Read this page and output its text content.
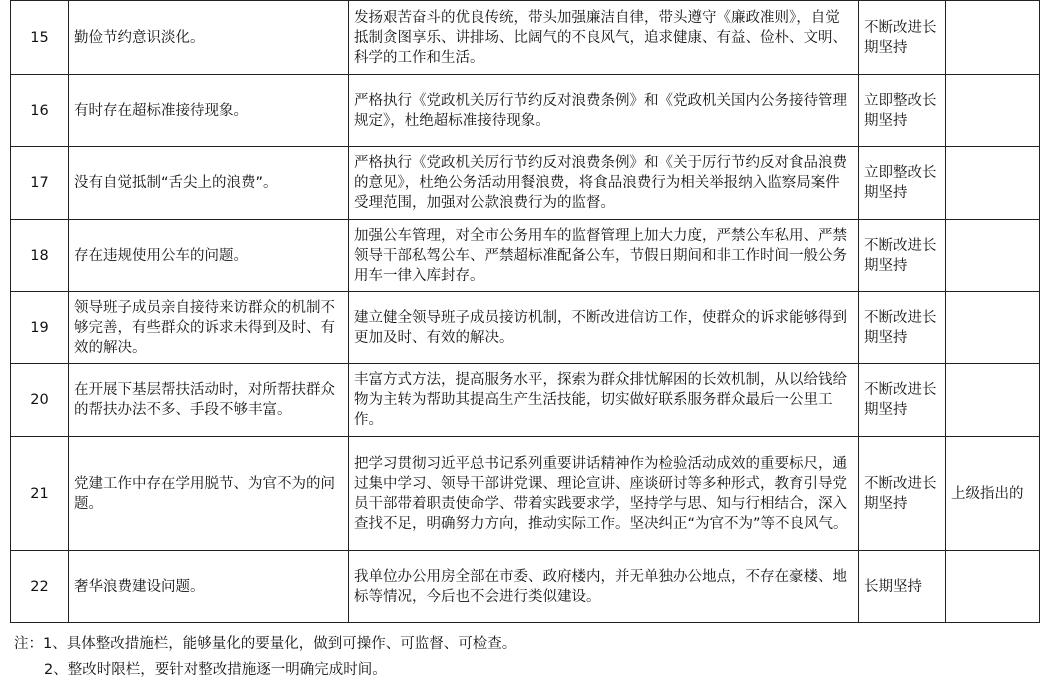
15	勤俭节约意识淡化。	发扬艰苦奋斗的优良传统，带头加强廉洁自律，带头遵守《廉政准则》，自觉抵制贪图享乐、讲排场、比阔气的不良风气，追求健康、有益、俭朴、文明、科学的工作和生活。	不断改进长期坚持	
16	有时存在超标准接待现象。	严格执行《党政机关厉行节约反对浪费条例》和《党政机关国内公务接待管理规定》，杜绝超标准接待现象。	立即整改长期坚持	
17	没有自觉抵制“舌尖上的浪费”。	严格执行《党政机关厉行节约反对浪费条例》和《关于厉行节约反对食品浪费的意见》，杜绝公务活动用餐浪费，将食品浪费行为相关举报纳入监察局案件受理范围，加强对公款浪费行为的监督。	立即整改长期坚持	
18	存在违规使用公车的问题。	加强公车管理，对全市公务用车的监督管理上加大力度，严禁公车私用、严禁领导干部私驾公车、严禁超标准配备公车，节假日期间和非工作时间一般公务用车一律入库封存。	不断改进长期坚持	
19	领导班子成员亲自接待来访群众的机制不够完善，有些群众的诉求未得到及时、有效的解决。	建立健全领导班子成员接访机制，不断改进信访工作，使群众的诉求能够得到更加及时、有效的解决。	不断改进长期坚持	
20	在开展下基层帮扶活动时，对所帮扶群众的帮扶办法不多、手段不够丰富。	丰富方式方法，提高服务水平，探索为群众排忧解困的长效机制，从以给钱给物为主转为帮助其提高生产生活技能，切实做好联系服务群众最后一公里工作。	不断改进长期坚持	
21	党建工作中存在学用脱节、为官不为的问题。	把学习贯彻习近平总书记系列重要讲话精神作为检验活动成效的重要标尺，通过集中学习、领导干部讲党课、理论宣讲、座谈研讨等多种形式，教育引导党员干部带着职责使命学、带着实践要求学，坚持学与思、知与行相结合，深入查找不足，明确努力方向，推动实际工作。坚决纠正“为官不为”等不良风气。	不断改进长期坚持	上级指出的
22	奢华浪费建设问题。	我单位办公用房全部在市委、政府楼内，并无单独办公地点，不存在豪楼、地标等情况，今后也不会进行类似建设。	长期坚持	
注：1、具体整改措施栏，能够量化的要量化，做到可操作、可监督、可检查。
2、整改时限栏，要针对整改措施逐一明确完成时间。
